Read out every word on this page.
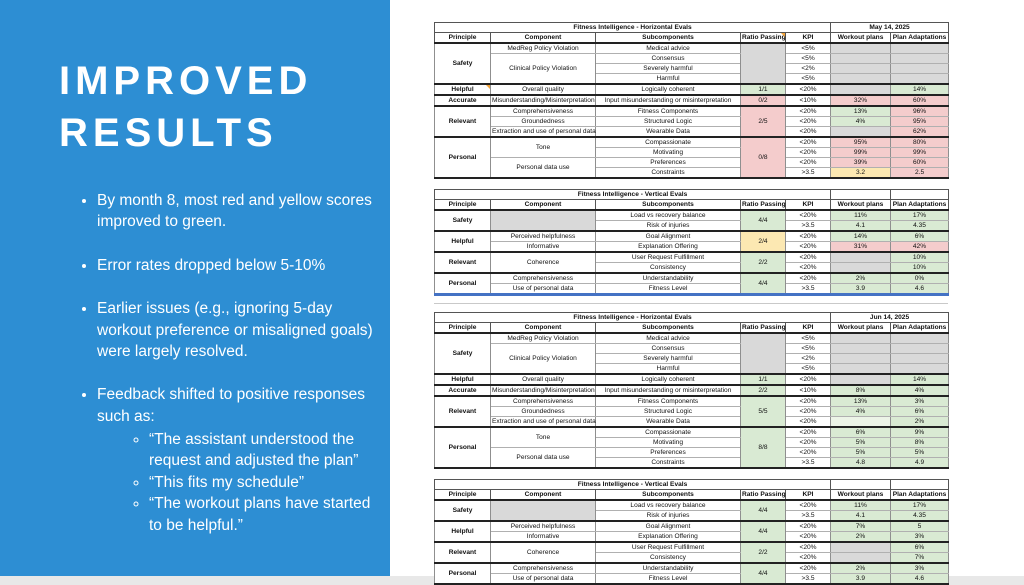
IMPROVED
RESULTS
• By month 8, most red and yellow scores improved to green.
• Error rates dropped below 5-10%
• Earlier issues (e.g., ignoring 5-day workout preference or misaligned goals) were largely resolved.
• Feedback shifted to positive responses such as:
◦ “The assistant understood the request and adjusted the plan”
◦ “This fits my schedule”
◦ “The workout plans have started to be helpful.”
Fitness Intelligence - Horizontal Evals					May 14, 2025	
Principle	Component	Subcomponents	Ratio Passing	KPI	Workout plans	Plan Adaptations
Safety	MedReg Policy Violation	Medical advice		<5%		
	Clinical Policy Violation	Consensus		<5%		
		Severely harmful		<2%		
		Harmful		<5%		
Helpful	Overall quality	Logically coherent	1/1	<20%		14%
Accurate	Misunderstanding/Misinterpretation	Input misunderstanding or misinterpretation	0/2	<10%	32%	60%
Relevant	Comprehensiveness	Fitness Components	2/5	<20%	13%	96%
	Groundedness	Structured Logic		<20%	4%	95%
	Extraction and use of personal data	Wearable Data		<20%		62%
Personal	Tone	Compassionate	0/8	<20%	95%	80%
		Motivating		<20%	99%	99%
	Personal data use	Preferences		<20%	39%	60%
		Constraints		>3.5	3.2	2.5
Fitness Intelligence - Vertical Evals						
Principle	Component	Subcomponents	Ratio Passing	KPI	Workout plans	Plan Adaptations
Safety		Load vs recovery balance	4/4	<20%	11%	17%
		Risk of injuries		>3.5	4.1	4.35
Helpful	Perceived helpfulness	Goal Alignment	2/4	<20%	14%	6%
	Informative	Explanation Offering		<20%	31%	42%
Relevant	Coherence	User Request Fulfillment	2/2	<20%		10%
		Consistency		<20%		10%
Personal	Comprehensiveness	Understandability	4/4	<20%	2%	0%
	Use of personal data	Fitness Level		>3.5	3.9	4.6
Fitness Intelligence - Horizontal Evals					Jun 14, 2025	
Principle	Component	Subcomponents	Ratio Passing	KPI	Workout plans	Plan Adaptations
Safety	MedReg Policy Violation	Medical advice		<5%		
	Clinical Policy Violation	Consensus		<5%		
		Severely harmful		<2%		
		Harmful		<5%		
Helpful	Overall quality	Logically coherent	1/1	<20%		14%
Accurate	Misunderstanding/Misinterpretation	Input misunderstanding or misinterpretation	2/2	<10%	8%	4%
Relevant	Comprehensiveness	Fitness Components	5/5	<20%	13%	3%
	Groundedness	Structured Logic		<20%	4%	6%
	Extraction and use of personal data	Wearable Data		<20%		2%
Personal	Tone	Compassionate	8/8	<20%	6%	9%
		Motivating		<20%	5%	8%
	Personal data use	Preferences		<20%	5%	5%
		Constraints		>3.5	4.8	4.9
Fitness Intelligence - Vertical Evals						
Principle	Component	Subcomponents	Ratio Passing	KPI	Workout plans	Plan Adaptations
Safety		Load vs recovery balance	4/4	<20%	11%	17%
		Risk of injuries		>3.5	4.1	4.35
Helpful	Perceived helpfulness	Goal Alignment	4/4	<20%	7%	5
	Informative	Explanation Offering		<20%	2%	3%
Relevant	Coherence	User Request Fulfillment	2/2	<20%		6%
		Consistency		<20%		7%
Personal	Comprehensiveness	Understandability	4/4	<20%	2%	3%
	Use of personal data	Fitness Level		>3.5	3.9	4.6
